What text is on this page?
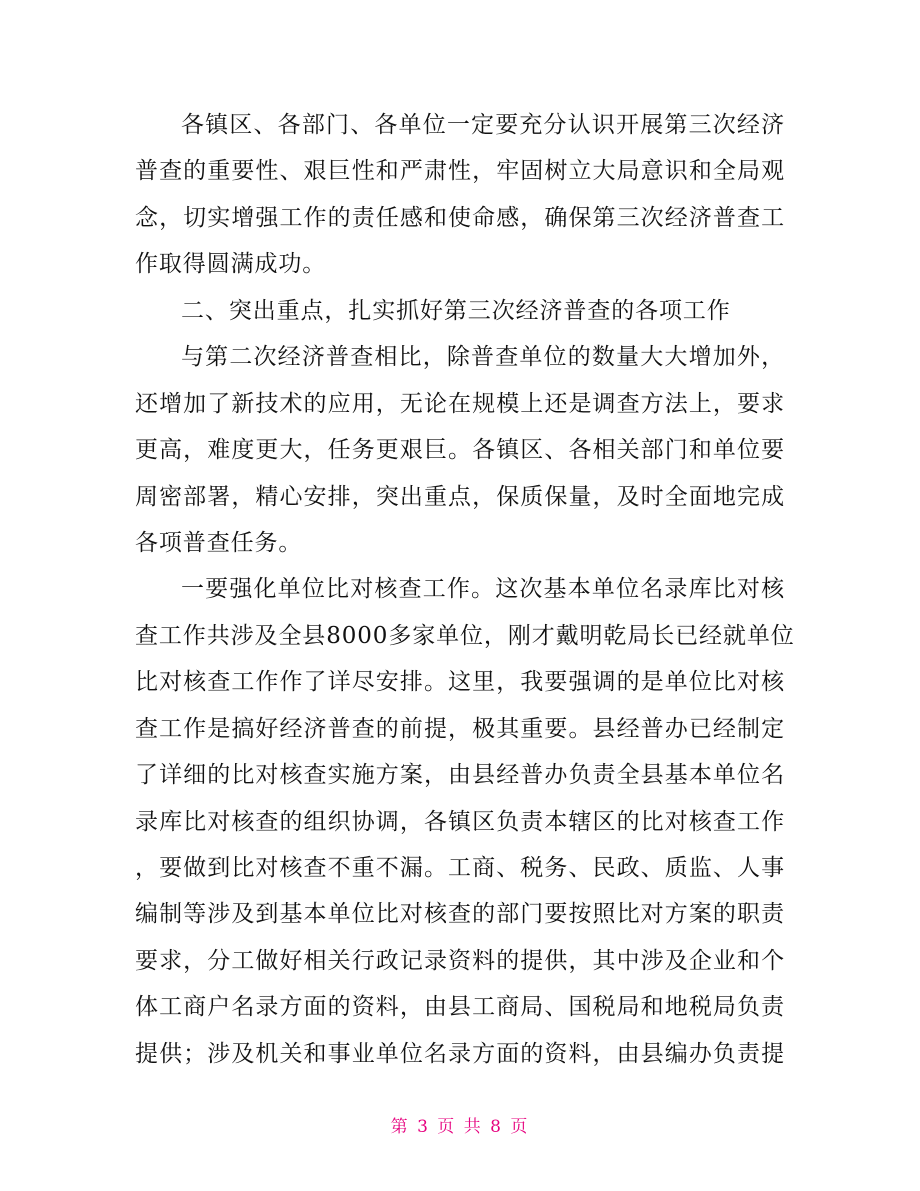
各镇区、各部门、各单位一定要充分认识开展第三次经济
普查的重要性、艰巨性和严肃性，牢固树立大局意识和全局观
念，切实增强工作的责任感和使命感，确保第三次经济普查工
作取得圆满成功。
二、突出重点，扎实抓好第三次经济普查的各项工作
与第二次经济普查相比，除普查单位的数量大大增加外，
还增加了新技术的应用，无论在规模上还是调查方法上，要求
更高，难度更大，任务更艰巨。各镇区、各相关部门和单位要
周密部署，精心安排，突出重点，保质保量，及时全面地完成
各项普查任务。
一要强化单位比对核查工作。这次基本单位名录库比对核
查工作共涉及全县8000多家单位，刚才戴明乾局长已经就单位
比对核查工作作了详尽安排。这里，我要强调的是单位比对核
查工作是搞好经济普查的前提，极其重要。县经普办已经制定
了详细的比对核查实施方案，由县经普办负责全县基本单位名
录库比对核查的组织协调，各镇区负责本辖区的比对核查工作
，要做到比对核查不重不漏。工商、税务、民政、质监、人事
编制等涉及到基本单位比对核查的部门要按照比对方案的职责
要求，分工做好相关行政记录资料的提供，其中涉及企业和个
体工商户名录方面的资料，由县工商局、国税局和地税局负责
提供；涉及机关和事业单位名录方面的资料，由县编办负责提
第 3 页 共 8 页
